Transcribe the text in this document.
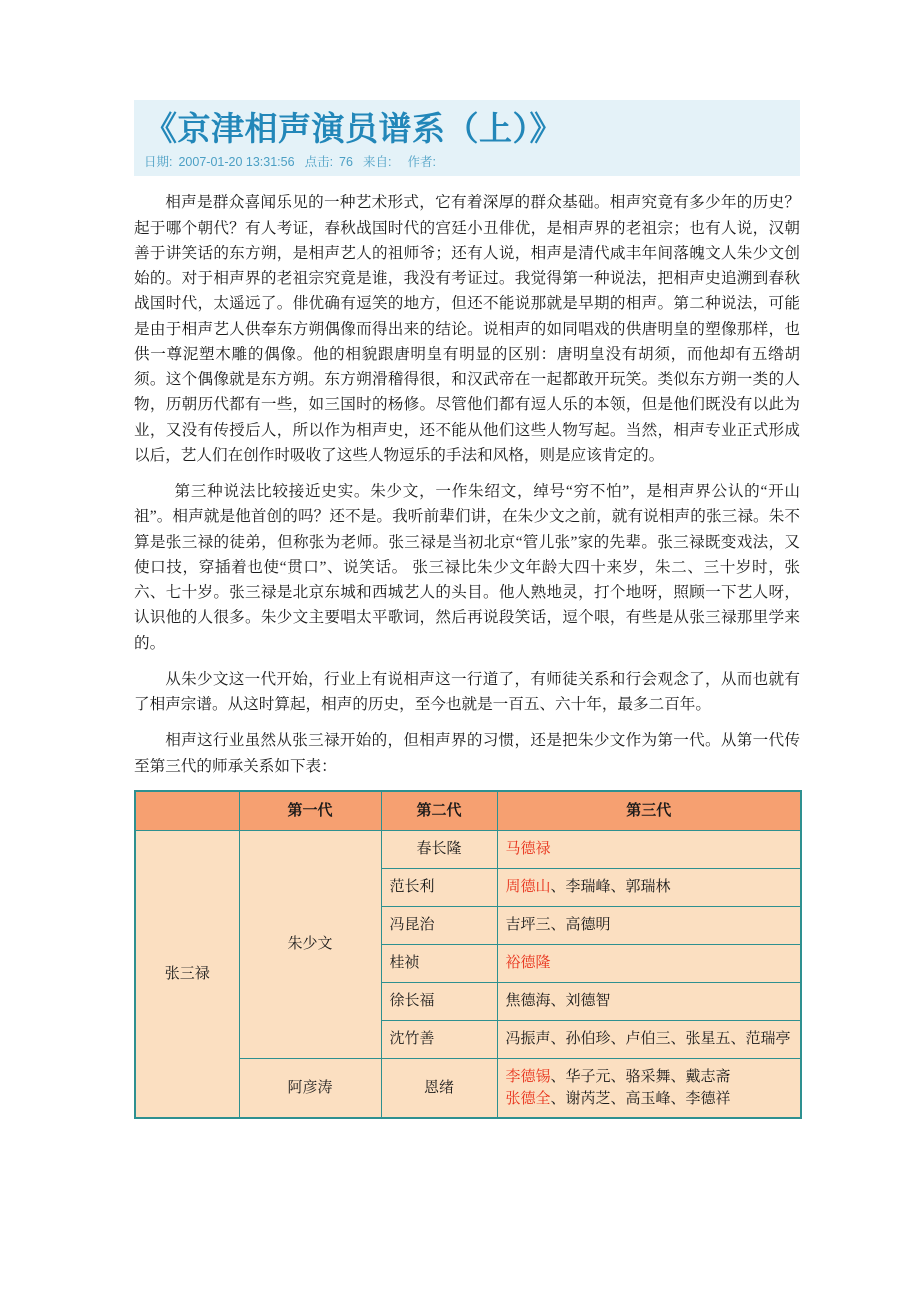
《京津相声演员谱系（上）》
日期: 2007-01-20 13:31:56 点击: 76 来自: 作者:

相声是群众喜闻乐见的一种艺术形式，它有着深厚的群众基础。相声究竟有多少年的历史？起于哪个朝代？有人考证，春秋战国时代的宫廷小丑俳优，是相声界的老祖宗；也有人说，汉朝善于讲笑话的东方朔，是相声艺人的祖师爷；还有人说，相声是清代咸丰年间落魄文人朱少文创始的。对于相声界的老祖宗究竟是谁，我没有考证过。我觉得第一种说法，把相声史追溯到春秋战国时代，太遥远了。俳优确有逗笑的地方，但还不能说那就是早期的相声。第二种说法，可能是由于相声艺人供奉东方朔偶像而得出来的结论。说相声的如同唱戏的供唐明皇的塑像那样，也供一尊泥塑木雕的偶像。他的相貌跟唐明皇有明显的区别：唐明皇没有胡须，而他却有五绺胡须。这个偶像就是东方朔。东方朔滑稽得很，和汉武帝在一起都敢开玩笑。类似东方朔一类的人物，历朝历代都有一些，如三国时的杨修。尽管他们都有逗人乐的本领，但是他们既没有以此为业，又没有传授后人，所以作为相声史，还不能从他们这些人物写起。当然，相声专业正式形成以后，艺人们在创作时吸收了这些人物逗乐的手法和风格，则是应该肯定的。

第三种说法比较接近史实。朱少文，一作朱绍文，绰号“穷不怕”，是相声界公认的“开山祖”。相声就是他首创的吗？还不是。我听前辈们讲，在朱少文之前，就有说相声的张三禄。朱不算是张三禄的徒弟，但称张为老师。张三禄是当初北京“管儿张”家的先辈。张三禄既变戏法，又使口技，穿插着也使“贯口”、说笑话。 张三禄比朱少文年龄大四十来岁，朱二、三十岁时，张六、七十岁。张三禄是北京东城和西城艺人的头目。他人熟地灵，打个地呀，照顾一下艺人呀，认识他的人很多。朱少文主要唱太平歌词，然后再说段笑话，逗个哏，有些是从张三禄那里学来的。

从朱少文这一代开始，行业上有说相声这一行道了，有师徒关系和行会观念了，从而也就有了相声宗谱。从这时算起，相声的历史，至今也就是一百五、六十年，最多二百年。

相声这行业虽然从张三禄开始的，但相声界的习惯，还是把朱少文作为第一代。从第一代传至第三代的师承关系如下表：

	第一代	第二代	第三代
张三禄	朱少文	春长隆	马德禄

		范长利	周德山、李瑞峰、郭瑞林

		冯昆治	吉坪三、高德明

		桂祯	裕德隆

		徐长福	焦德海、刘德智

		沈竹善	冯振声、孙伯珍、卢伯三、张星五、范瑞亭

	阿彦涛	恩绪	李德锡、华子元、骆采舞、戴志斋
张德全、谢芮芝、高玉峰、李德祥
